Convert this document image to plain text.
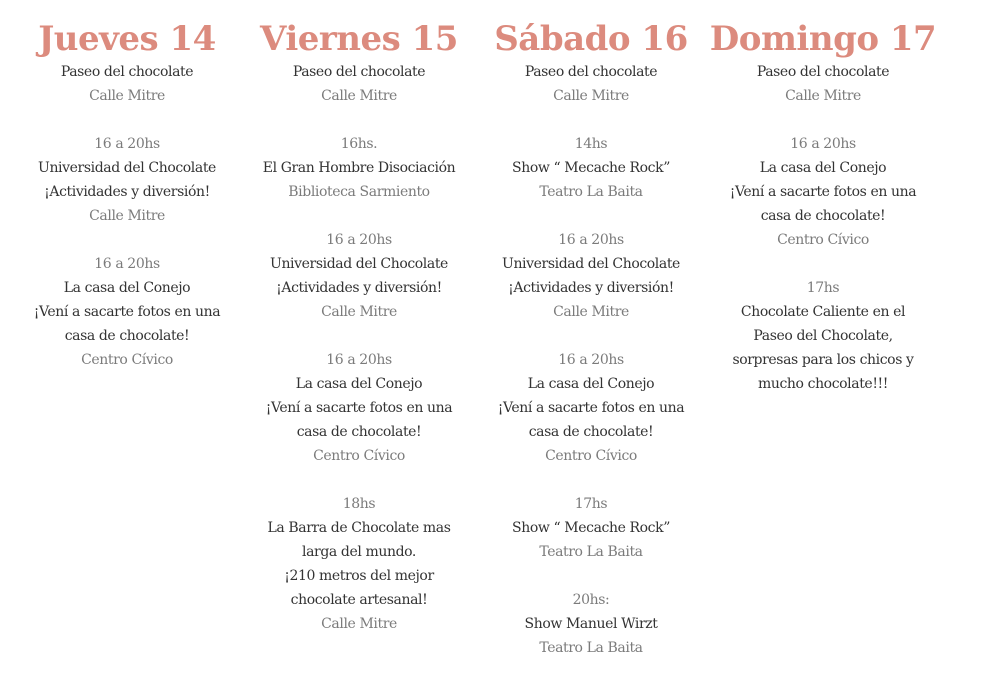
Jueves 14
Paseo del chocolate
Calle Mitre
16 a 20hs
Universidad del Chocolate
¡Actividades y diversión!
Calle Mitre
16 a 20hs
La casa del Conejo
¡Vení a sacarte fotos en una
casa de chocolate!
Centro Cívico
Viernes 15
Paseo del chocolate
Calle Mitre
16hs.
El Gran Hombre Disociación
Biblioteca Sarmiento
16 a 20hs
Universidad del Chocolate
¡Actividades y diversión!
Calle Mitre
16 a 20hs
La casa del Conejo
¡Vení a sacarte fotos en una
casa de chocolate!
Centro Cívico
18hs
La Barra de Chocolate mas
larga del mundo.
¡210 metros del mejor
chocolate artesanal!
Calle Mitre
Sábado 16
Paseo del chocolate
Calle Mitre
14hs
Show “ Mecache Rock”
Teatro La Baita
16 a 20hs
Universidad del Chocolate
¡Actividades y diversión!
Calle Mitre
16 a 20hs
La casa del Conejo
¡Vení a sacarte fotos en una
casa de chocolate!
Centro Cívico
17hs
Show “ Mecache Rock”
Teatro La Baita
20hs:
Show Manuel Wirzt
Teatro La Baita
Domingo 17
Paseo del chocolate
Calle Mitre
16 a 20hs
La casa del Conejo
¡Vení a sacarte fotos en una
casa de chocolate!
Centro Cívico
17hs
Chocolate Caliente en el
Paseo del Chocolate,
sorpresas para los chicos y
mucho chocolate!!!
